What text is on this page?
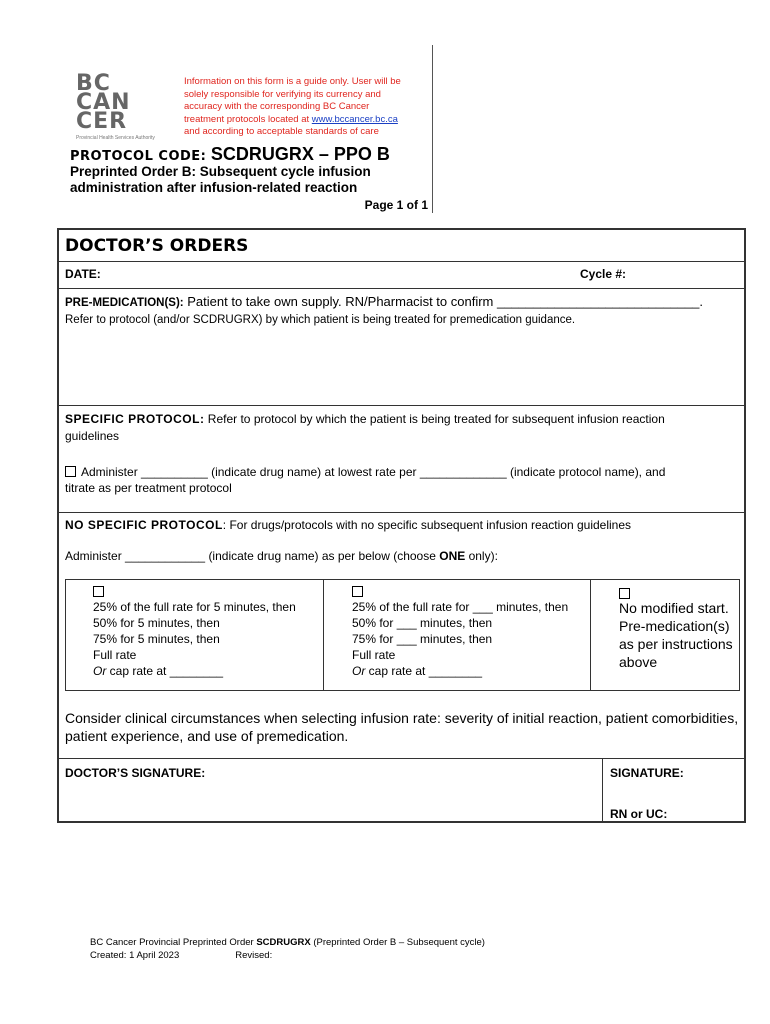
BC
CAN
CER
Provincial Health Services Authority
Information on this form is a guide only. User will be
solely responsible for verifying its currency and
accuracy with the corresponding BC Cancer
treatment protocols located at www.bccancer.bc.ca
and according to acceptable standards of care
PROTOCOL CODE: SCDRUGRX – PPO B
Preprinted Order B: Subsequent cycle infusion
administration after infusion-related reaction
Page 1 of 1
DOCTOR’S ORDERS
DATE:	Cycle #:
PRE-MEDICATION(S): Patient to take own supply. RN/Pharmacist to confirm ____________________________.
Refer to protocol (and/or SCDRUGRX) by which patient is being treated for premedication guidance.
SPECIFIC PROTOCOL: Refer to protocol by which the patient is being treated for subsequent infusion reaction
guidelines
Administer __________ (indicate drug name) at lowest rate per _____________ (indicate protocol name), and
titrate as per treatment protocol
NO SPECIFIC PROTOCOL: For drugs/protocols with no specific subsequent infusion reaction guidelines
Administer ____________ (indicate drug name) as per below (choose ONE only):
25% of the full rate for 5 minutes, then
50% for 5 minutes, then
75% for 5 minutes, then
Full rate
Or cap rate at ________
25% of the full rate for ___ minutes, then
50% for ___ minutes, then
75% for ___ minutes, then
Full rate
Or cap rate at ________
No modified start.
Pre-medication(s)
as per instructions
above
Consider clinical circumstances when selecting infusion rate: severity of initial reaction, patient comorbidities,
patient experience, and use of premedication.
DOCTOR’S SIGNATURE:	SIGNATURE:
RN or UC:
BC Cancer Provincial Preprinted Order SCDRUGRX (Preprinted Order B – Subsequent cycle)
Created: 1 April 2023	Revised:
